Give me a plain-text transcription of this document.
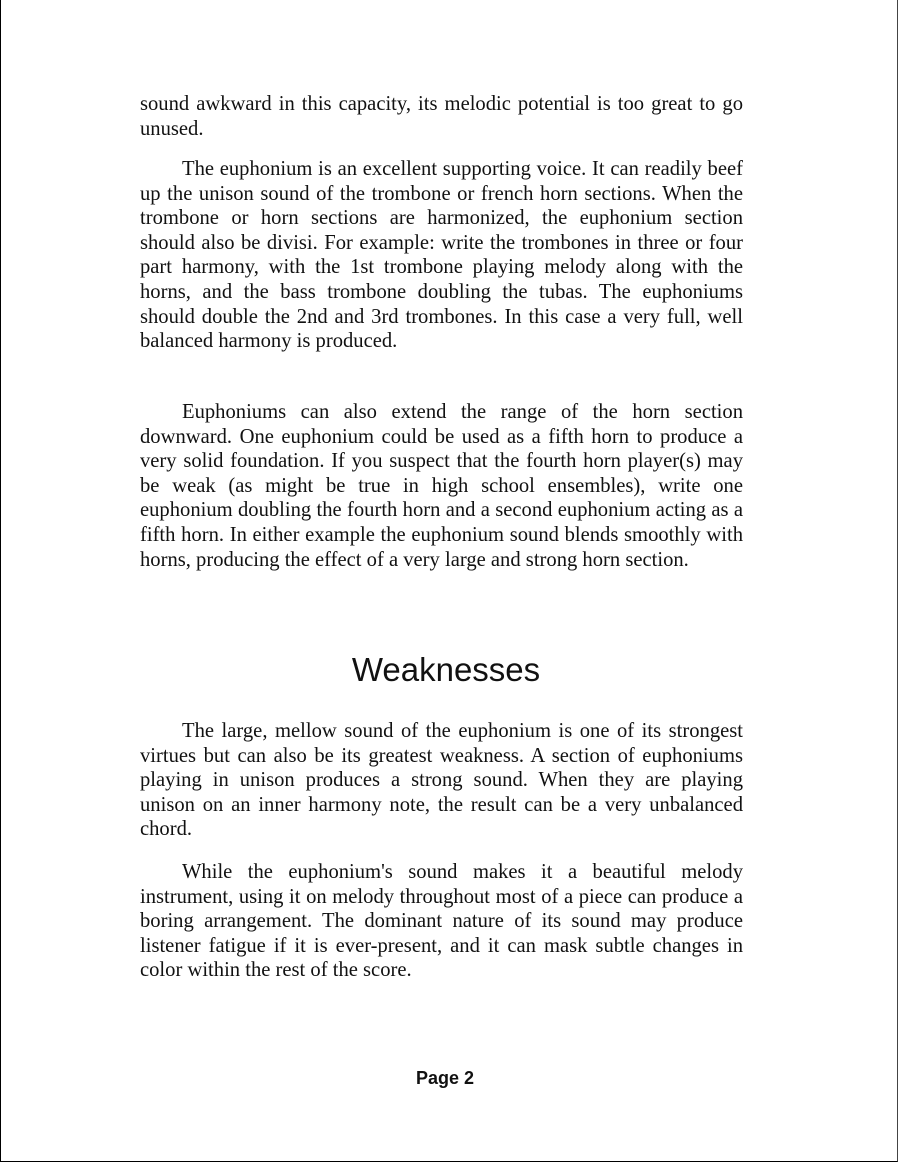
sound awkward in this capacity, its melodic potential is too great to go unused.

The euphonium is an excellent supporting voice. It can readily beef up the unison sound of the trombone or french horn sections. When the trombone or horn sections are harmonized, the euphonium section should also be divisi. For example: write the trombones in three or four part harmony, with the 1st trombone playing melody along with the horns, and the bass trombone doubling the tubas. The euphoniums should double the 2nd and 3rd trombones. In this case a very full, well balanced harmony is produced.

Euphoniums can also extend the range of the horn section downward. One euphonium could be used as a fifth horn to produce a very solid foundation. If you suspect that the fourth horn player(s) may be weak (as might be true in high school ensembles), write one euphonium doubling the fourth horn and a second euphonium acting as a fifth horn. In either example the euphonium sound blends smoothly with horns, producing the effect of a very large and strong horn section.

Weaknesses

The large, mellow sound of the euphonium is one of its strongest virtues but can also be its greatest weakness. A section of euphoniums playing in unison produces a strong sound. When they are playing unison on an inner harmony note, the result can be a very unbalanced chord.

While the euphonium's sound makes it a beautiful melody instrument, using it on melody throughout most of a piece can produce a boring arrangement. The dominant nature of its sound may produce listener fatigue if it is ever-present, and it can mask subtle changes in color within the rest of the score.

Page 2
